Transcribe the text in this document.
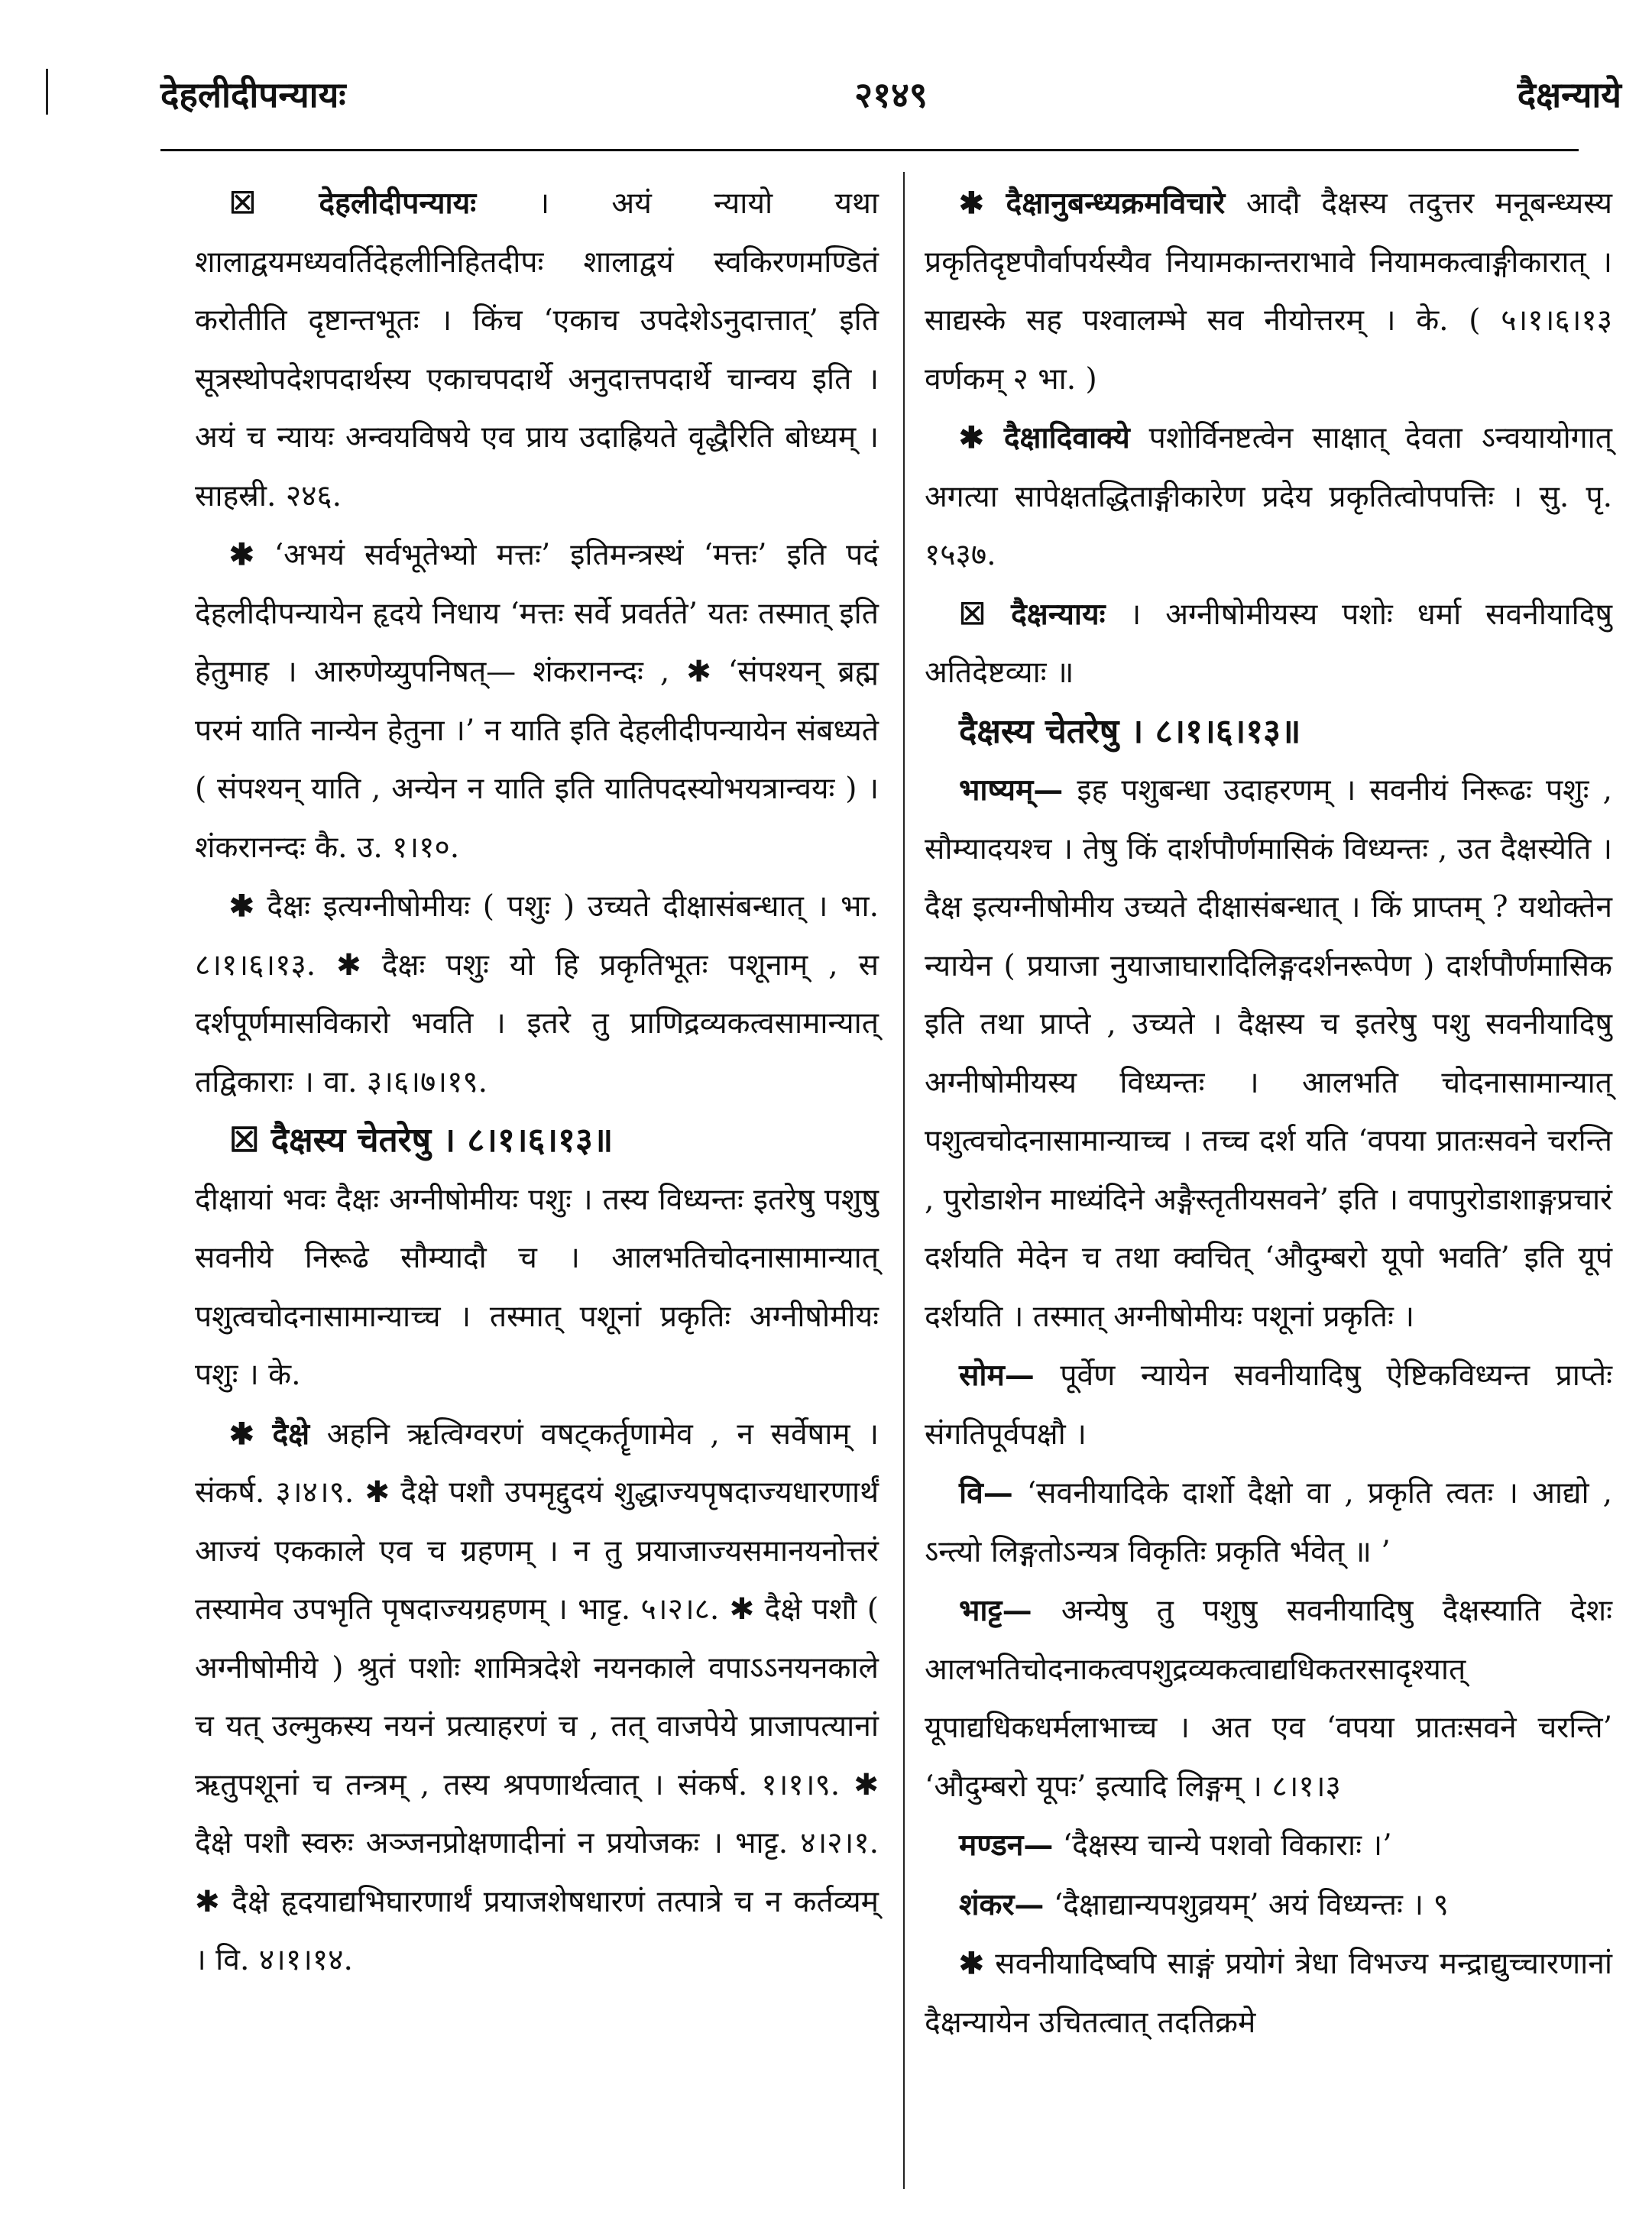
देहलीदीपन्यायः	२१४९	दैक्षन्याये

☒ देहलीदीपन्यायः । अयं न्यायो यथा शालाद्वयमध्यवर्तिदेहलीनिहितदीपः शालाद्वयं स्वकिरणमण्डितं करोतीति दृष्टान्तभूतः । किंच ‘एकाच उपदेशेऽनुदात्तात्’ इति सूत्रस्थोपदेशपदार्थस्य एकाचपदार्थे अनुदात्तपदार्थे चान्वय इति । अयं च न्यायः अन्वयविषये एव प्राय उदाह्रियते वृद्धैरिति बोध्यम् । साहस्री. २४६.

✱ ‘अभयं सर्वभूतेभ्यो मत्तः’ इतिमन्त्रस्थं ‘मत्तः’ इति पदं देहलीदीपन्यायेन हृदये निधाय ‘मत्तः सर्वे प्रवर्तते’ यतः तस्मात् इति हेतुमाह । आरुणेय्युपनिषत्— शंकरानन्दः , ✱ ‘संपश्यन् ब्रह्म परमं याति नान्येन हेतुना ।’ न याति इति देहलीदीपन्यायेन संबध्यते ( संपश्यन् याति , अन्येन न याति इति यातिपदस्योभयत्रान्वयः ) । शंकरानन्दः कै. उ. १।१०.

✱ दैक्षः इत्यग्नीषोमीयः ( पशुः ) उच्यते दीक्षासंबन्धात् । भा. ८।१।६।१३. ✱ दैक्षः पशुः यो हि प्रकृतिभूतः पशूनाम् , स दर्शपूर्णमासविकारो भवति । इतरे तु प्राणिद्रव्यकत्वसामान्यात् तद्विकाराः । वा. ३।६।७।१९.

☒ दैक्षस्य चेतरेषु । ८।१।६।१३॥

दीक्षायां भवः दैक्षः अग्नीषोमीयः पशुः । तस्य विध्यन्तः इतरेषु पशुषु सवनीये निरूढे सौम्यादौ च । आलभतिचोदनासामान्यात् पशुत्वचोदनासामान्याच्च । तस्मात् पशूनां प्रकृतिः अग्नीषोमीयः पशुः । के.

✱ दैक्षे अहनि ऋत्विग्वरणं वषट्कर्तॄणामेव , न सर्वेषाम् । संकर्ष. ३।४।९. ✱ दैक्षे पशौ उपमृद्दुदयं शुद्धाज्यपृषदाज्यधारणार्थं आज्यं एककाले एव च ग्रहणम् । न तु प्रयाजाज्यसमानयनोत्तरं तस्यामेव उपभृति पृषदाज्यग्रहणम् । भाट्ट. ५।२।८. ✱ दैक्षे पशौ ( अग्नीषोमीये ) श्रुतं पशोः शामित्रदेशे नयनकाले वपाऽऽनयनकाले च यत् उल्मुकस्य नयनं प्रत्याहरणं च , तत् वाजपेये प्राजापत्यानां ऋतुपशूनां च तन्त्रम् , तस्य श्रपणार्थत्वात् । संकर्ष. १।१।९. ✱ दैक्षे पशौ स्वरुः अञ्जनप्रोक्षणादीनां न प्रयोजकः । भाट्ट. ४।२।१. ✱ दैक्षे हृदयाद्यभिघारणार्थं प्रयाजशेषधारणं तत्पात्रे च न कर्तव्यम् । वि. ४।१।१४.

✱ दैक्षानुबन्ध्यक्रमविचारे आदौ दैक्षस्य तदुत्तर मनूबन्ध्यस्य प्रकृतिदृष्टपौर्वापर्यस्यैव नियामकान्तराभावे नियामकत्वाङ्गीकारात् । साद्यस्के सह पश्वालम्भे सव नीयोत्तरम् । के. ( ५।१।६।१३ वर्णकम् २ भा. )

✱ दैक्षादिवाक्ये पशोर्विनष्टत्वेन साक्षात् देवता ऽन्वयायोगात् अगत्या सापेक्षतद्धिताङ्गीकारेण प्रदेय प्रकृतित्वोपपत्तिः । सु. पृ. १५३७.

☒ दैक्षन्यायः । अग्नीषोमीयस्य पशोः धर्मा सवनीयादिषु अतिदेष्टव्याः ॥

दैक्षस्य चेतरेषु । ८।१।६।१३॥

भाष्यम्— इह पशुबन्धा उदाहरणम् । सवनीयं निरूढः पशुः , सौम्यादयश्च । तेषु किं दार्शपौर्णमासिकं विध्यन्तः , उत दैक्षस्येति । दैक्ष इत्यग्नीषोमीय उच्यते दीक्षासंबन्धात् । किं प्राप्तम् ? यथोक्तेन न्यायेन ( प्रयाजा नुयाजाघारादिलिङ्गदर्शनरूपेण ) दार्शपौर्णमासिक इति तथा प्राप्ते , उच्यते । दैक्षस्य च इतरेषु पशु सवनीयादिषु अग्नीषोमीयस्य विध्यन्तः । आलभति चोदनासामान्यात् पशुत्वचोदनासामान्याच्च । तच्च दर्श यति ‘वपया प्रातःसवने चरन्ति , पुरोडाशेन माध्यंदिने अङ्गैस्तृतीयसवने’ इति । वपापुरोडाशाङ्गप्रचारं दर्शयति मेदेन च तथा क्वचित् ‘औदुम्बरो यूपो भवति’ इति यूपं दर्शयति । तस्मात् अग्नीषोमीयः पशूनां प्रकृतिः ।

सोम— पूर्वेण न्यायेन सवनीयादिषु ऐष्टिकविध्यन्त प्राप्तेः संगतिपूर्वपक्षौ ।

वि— ‘सवनीयादिके दार्शो दैक्षो वा , प्रकृति त्वतः । आद्यो , ऽन्त्यो लिङ्गतोऽन्यत्र विकृतिः प्रकृति र्भवेत् ॥ ’

भाट्ट— अन्येषु तु पशुषु सवनीयादिषु दैक्षस्याति देशः आलभतिचोदनाकत्वपशुद्रव्यकत्वाद्यधिकतरसादृश्यात् यूपाद्यधिकधर्मलाभाच्च । अत एव ‘वपया प्रातःसवने चरन्ति’ ‘औदुम्बरो यूपः’ इत्यादि लिङ्गम् । ८।१।३

मण्डन— ‘दैक्षस्य चान्ये पशवो विकाराः ।’

शंकर— ‘दैक्षाद्यान्यपशुव्रयम्’ अयं विध्यन्तः । ९

✱ सवनीयादिष्वपि साङ्गं प्रयोगं त्रेधा विभज्य मन्द्राद्युच्चारणानां दैक्षन्यायेन उचितत्वात् तदतिक्रमे
